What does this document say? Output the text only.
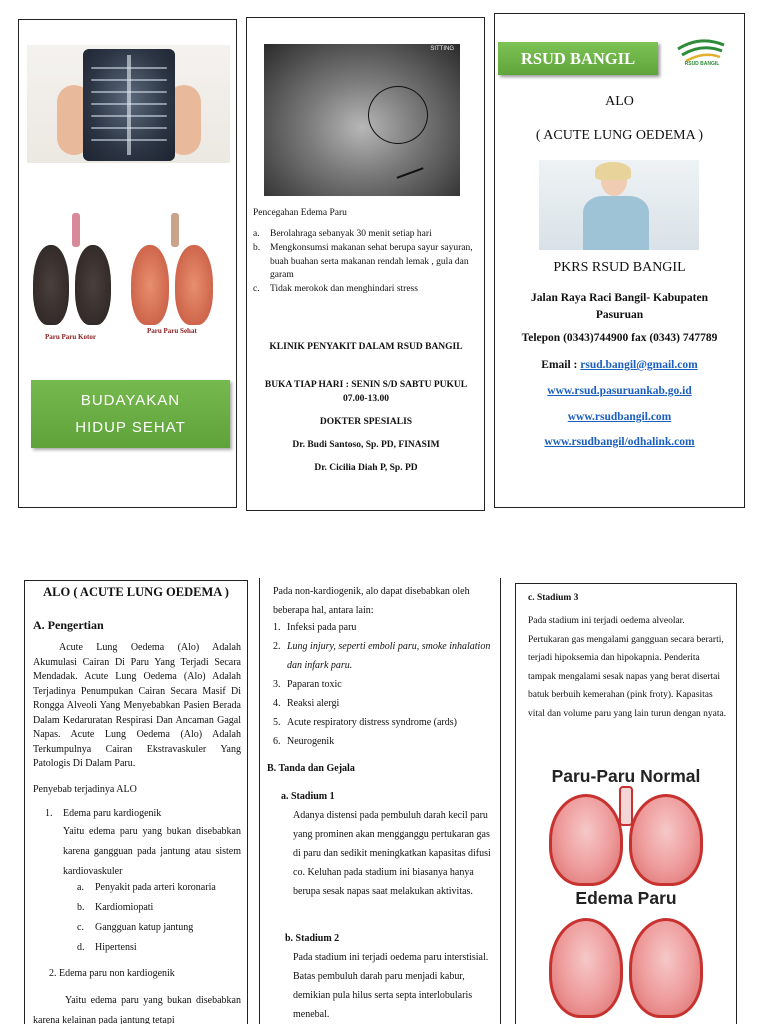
Paru Paru Kotor
Paru Paru Sehat
BUDAYAKAN
HIDUP SEHAT
SITTING
Pencegahan Edema Paru
a.	Berolahraga sebanyak 30 menit setiap hari
b.	Mengkonsumsi makanan sehat berupa sayur sayuran, buah buahan serta makanan rendah lemak , gula dan garam
c.	Tidak merokok dan menghindari stress
KLINIK PENYAKIT DALAM RSUD BANGIL
BUKA TIAP HARI : SENIN S/D SABTU PUKUL 07.00-13.00
DOKTER SPESIALIS
Dr. Budi Santoso, Sp. PD, FINASIM
Dr. Cicilia Diah P, Sp. PD
RSUD BANGIL	RSUD BANGIL
ALO
( ACUTE LUNG OEDEMA )
PKRS RSUD BANGIL
Jalan Raya Raci Bangil- Kabupaten Pasuruan
Telepon (0343)744900 fax (0343) 747789
Email : rsud.bangil@gmail.com
www.rsud.pasuruankab.go.id
www.rsudbangil.com
www.rsudbangil/odhalink.com
ALO ( ACUTE LUNG OEDEMA )
A. Pengertian
Acute Lung Oedema (Alo) Adalah Akumulasi Cairan Di Paru Yang Terjadi Secara Mendadak. Acute Lung Oedema (Alo) Adalah Terjadinya Penumpukan Cairan Secara Masif Di Rongga Alveoli Yang Menyebabkan Pasien Berada Dalam Kedaruratan Respirasi Dan Ancaman Gagal Napas. Acute Lung Oedema (Alo) Adalah Terkumpulnya Cairan Ekstravaskuler Yang Patologis Di Dalam Paru.
Penyebab terjadinya ALO
1. Edema paru kardiogenik
Yaitu edema paru yang bukan disebabkan karena gangguan pada jantung atau sistem kardiovaskuler
a. Penyakit pada arteri koronaria
b. Kardiomiopati
c. Gangguan katup jantung
d. Hipertensi
2. Edema paru non kardiogenik
Yaitu edema paru yang bukan disebabkan karena kelainan pada jantung tetapi
Pada non-kardiogenik, alo dapat disebabkan oleh beberapa hal, antara lain:
1. Infeksi pada paru
2. Lung injury, seperti emboli paru, smoke inhalation dan infark paru.
3. Paparan toxic
4. Reaksi alergi
5. Acute respiratory distress syndrome (ards)
6. Neurogenik
B. Tanda dan Gejala
a. Stadium 1
Adanya distensi pada pembuluh darah kecil paru yang prominen akan mengganggu pertukaran gas di paru dan sedikit meningkatkan kapasitas difusi co. Keluhan pada stadium ini biasanya hanya berupa sesak napas saat melakukan aktivitas.
b. Stadium 2
Pada stadium ini terjadi oedema paru interstisial. Batas pembuluh darah paru menjadi kabur, demikian pula hilus serta septa interlobularis menebal.
c. Stadium 3
Pada stadium ini terjadi oedema alveolar. Pertukaran gas mengalami gangguan secara berarti, terjadi hipoksemia dan hipokapnia. Penderita tampak mengalami sesak napas yang berat disertai batuk berbuih kemerahan (pink froty). Kapasitas vital dan volume paru yang lain turun dengan nyata.
Paru-Paru Normal
Edema Paru
